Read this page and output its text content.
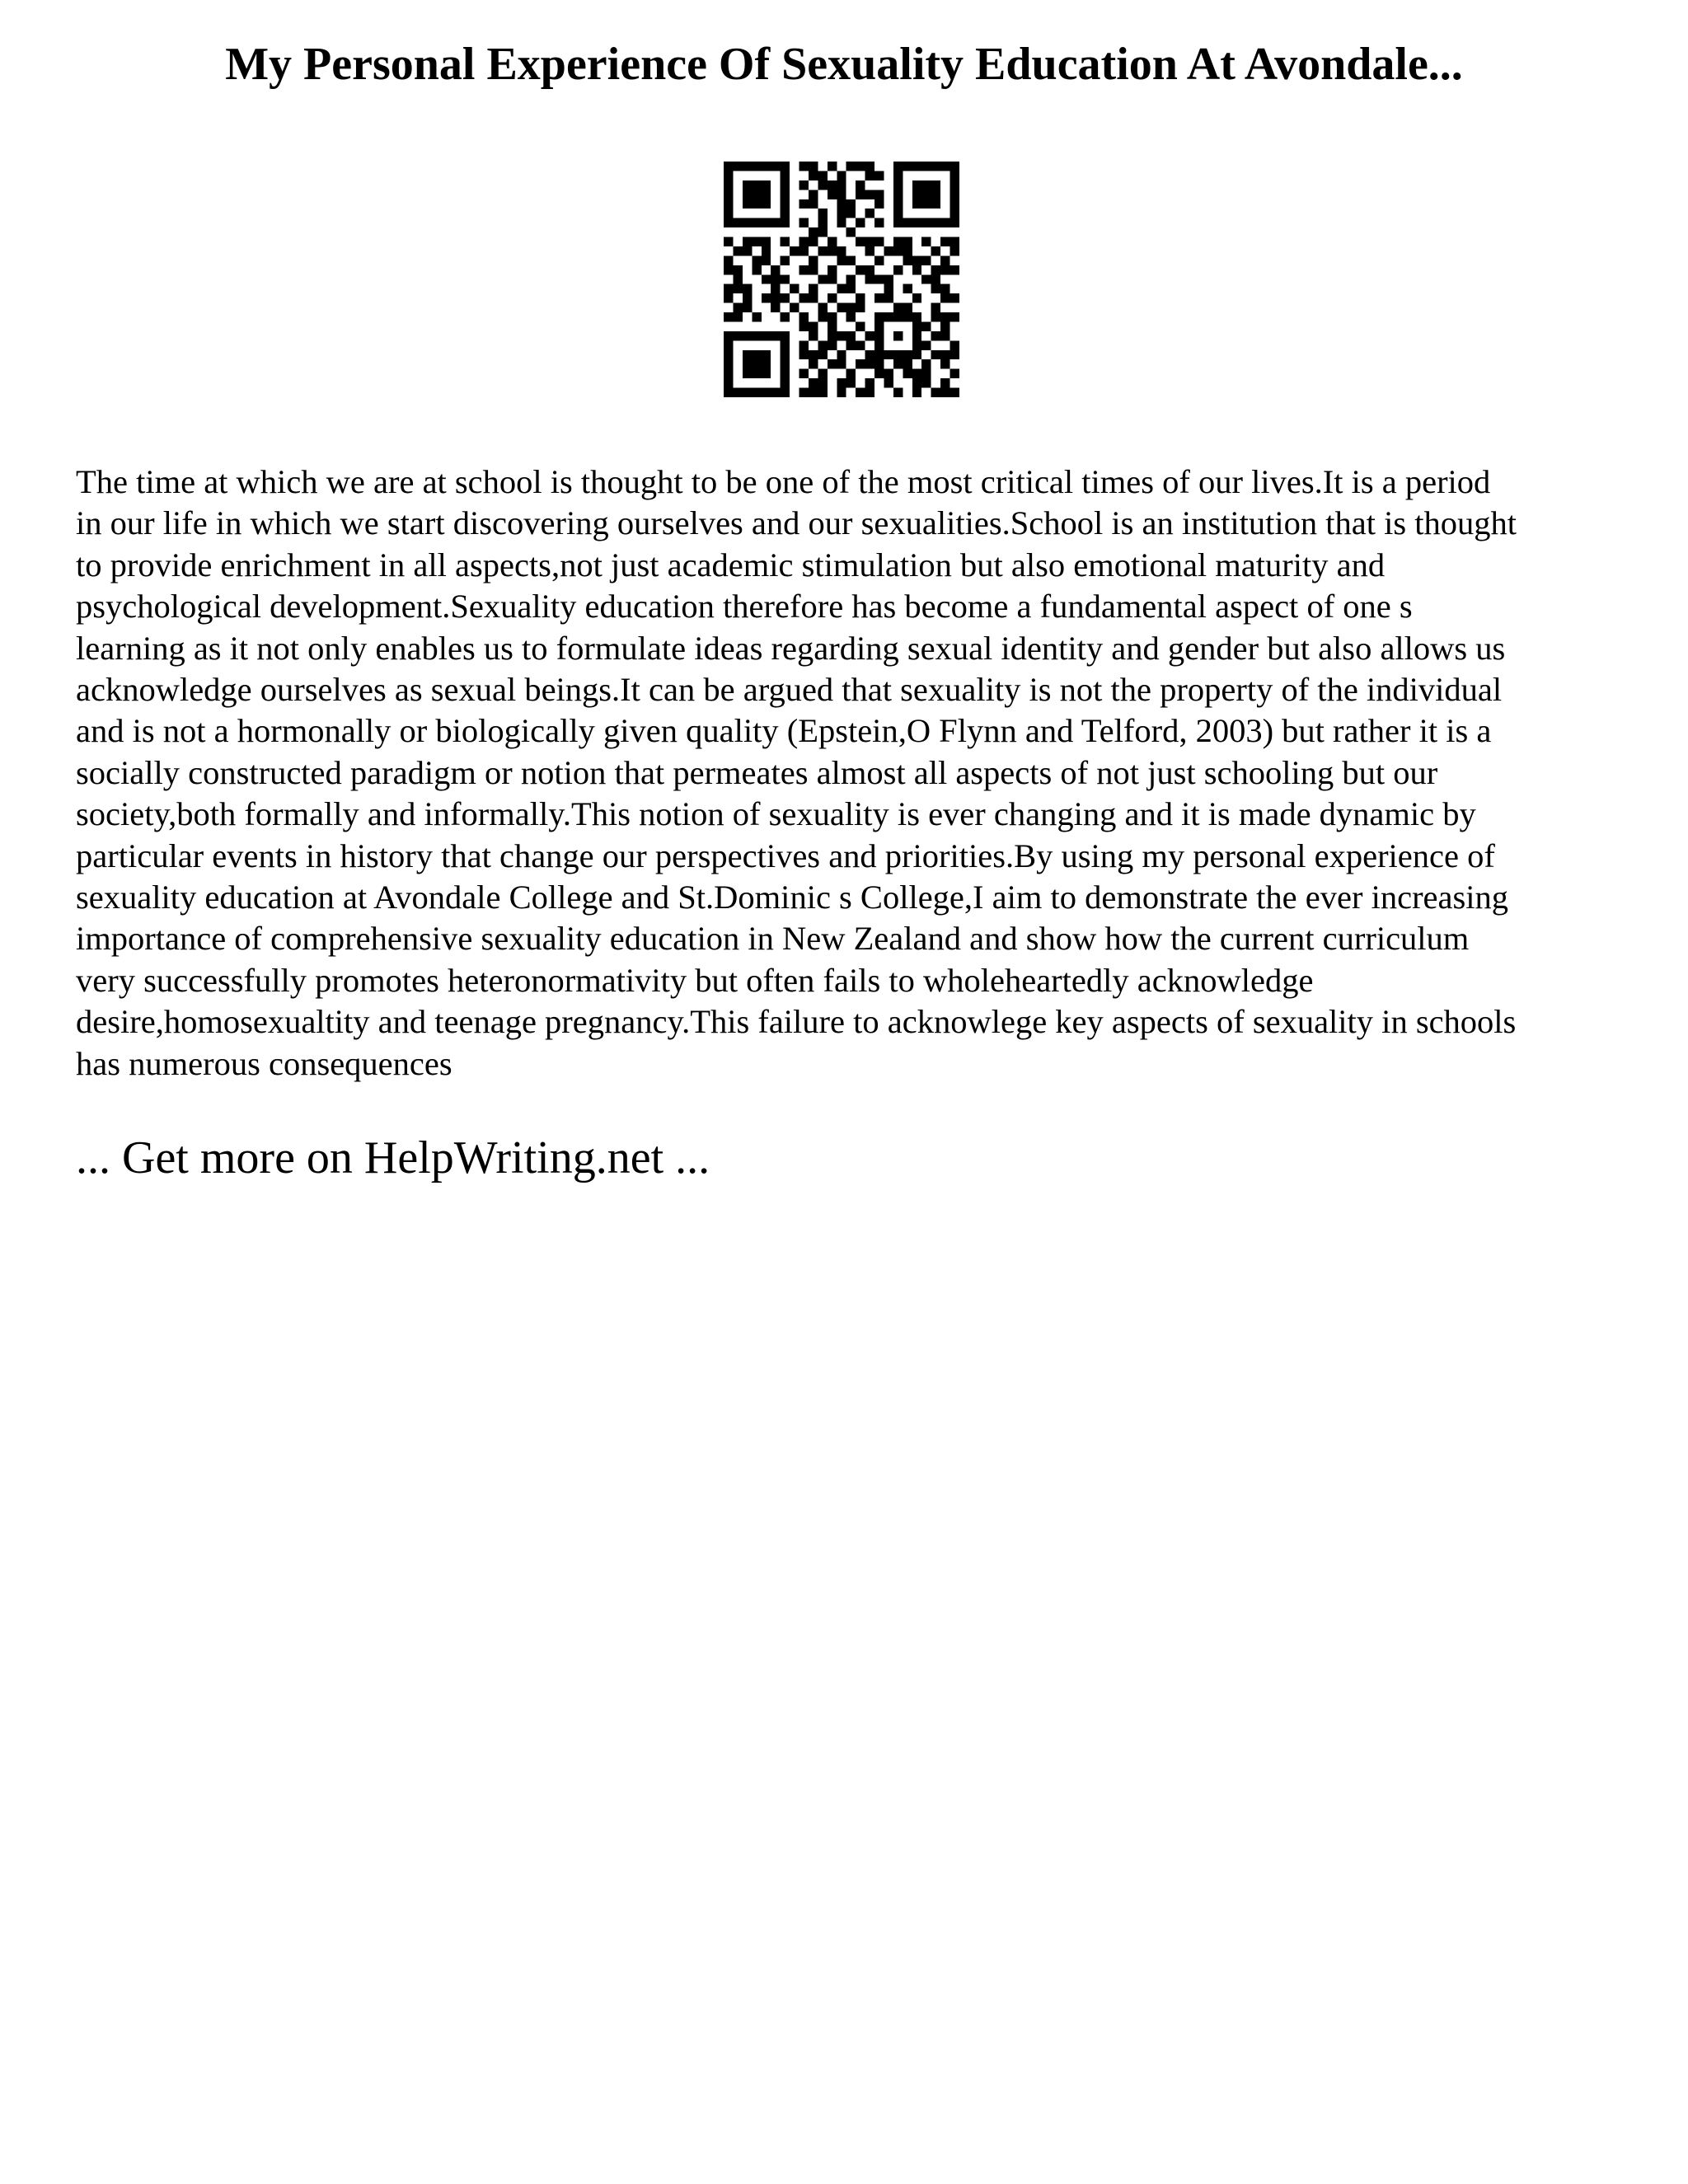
My Personal Experience Of Sexuality Education At Avondale...
The time at which we are at school is thought to be one of the most critical times of our lives.It is a period
in our life in which we start discovering ourselves and our sexualities.School is an institution that is thought
to provide enrichment in all aspects,not just academic stimulation but also emotional maturity and
psychological development.Sexuality education therefore has become a fundamental aspect of one s
learning as it not only enables us to formulate ideas regarding sexual identity and gender but also allows us
acknowledge ourselves as sexual beings.It can be argued that sexuality is not the property of the individual
and is not a hormonally or biologically given quality (Epstein,O Flynn and Telford, 2003) but rather it is a
socially constructed paradigm or notion that permeates almost all aspects of not just schooling but our
society,both formally and informally.This notion of sexuality is ever changing and it is made dynamic by
particular events in history that change our perspectives and priorities.By using my personal experience of
sexuality education at Avondale College and St.Dominic s College,I aim to demonstrate the ever increasing
importance of comprehensive sexuality education in New Zealand and show how the current curriculum
very successfully promotes heteronormativity but often fails to wholeheartedly acknowledge
desire,homosexualtity and teenage pregnancy.This failure to acknowlege key aspects of sexuality in schools
has numerous consequences

... Get more on HelpWriting.net ...
